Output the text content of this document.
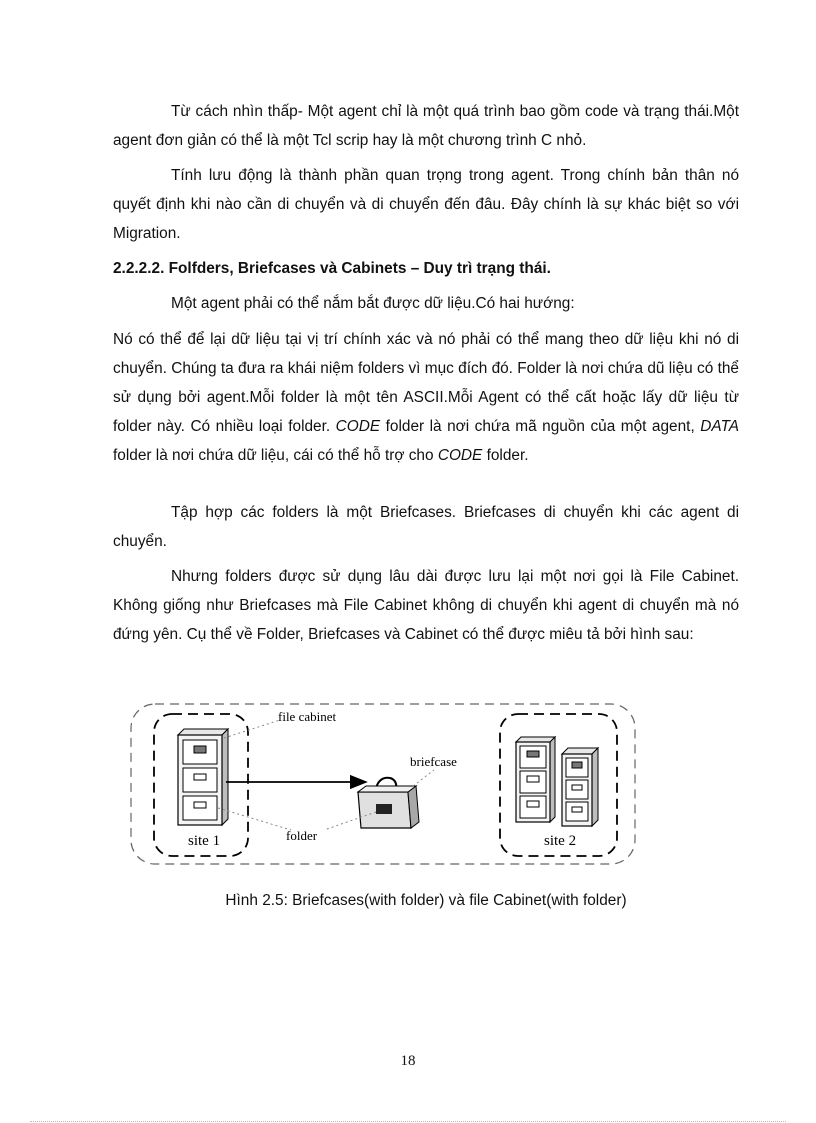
Từ cách nhìn thấp- Một agent chỉ là một quá trình bao gồm code và trạng thái.Một agent đơn giản có thể là một Tcl scrip hay là một chương trình C nhỏ.

Tính lưu động là thành phần quan trọng trong agent. Trong chính bản thân nó quyết định khi nào cần di chuyển và di chuyển đến đâu. Đây chính là sự khác biệt so với Migration.

2.2.2.2. Folfders, Briefcases và Cabinets – Duy trì trạng thái.

Một agent phải có thể nắm bắt được dữ liệu.Có hai hướng:

Nó có thể để lại dữ liệu tại vị trí chính xác và nó phải có thể mang theo dữ liệu khi nó di chuyển. Chúng ta đưa ra khái niệm folders vì mục đích đó. Folder là nơi chứa dũ liệu có thể sử dụng bởi agent.Mỗi folder là một tên ASCII.Mỗi Agent có thể cất hoặc lấy dữ liệu từ folder này. Có nhiều loại folder. CODE folder là nơi chứa mã nguồn của một agent, DATA folder là nơi chứa dữ liệu, cái có thể hỗ trợ cho CODE folder.

Tập hợp các folders là một Briefcases. Briefcases di chuyển khi các agent di chuyển.

Nhưng folders được sử dụng lâu dài được lưu lại một nơi gọi là File Cabinet. Không giống như Briefcases mà File Cabinet không di chuyển khi agent di chuyển mà nó đứng yên. Cụ thể về Folder, Briefcases và Cabinet có thể được miêu tả bởi hình sau:

file cabinet
briefcase
folder
site 1	site 2

Hình 2.5: Briefcases(with folder) và file Cabinet(with folder)

18
